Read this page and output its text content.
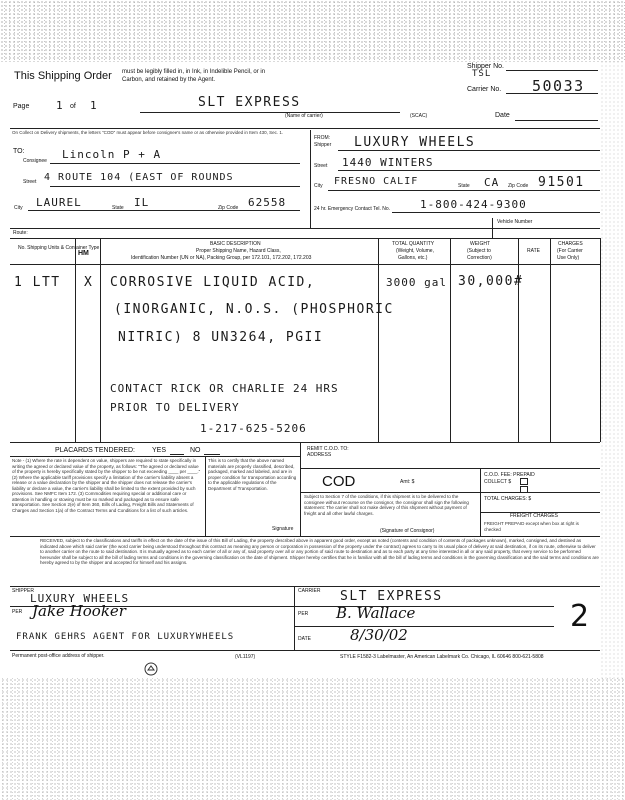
This Shipping Order must be legibly filled in, in Ink, in Indelible Pencil, or in
Carbon, and retained by the Agent.
Shipper No.
TSL
Carrier No. 50033
Page 1 of 1	SLT EXPRESS
(Name of carrier)	(SCAC)	Date
On Collect on Delivery shipments, the letters "COD" must appear before consignee's name or as otherwise provided in Item 430, Sec. 1.
TO:
Consignee Lincoln P + A
Street 4 ROUTE 104 (EAST OF ROUNDS
City LAUREL	State IL	Zip Code 62558
FROM:
Shipper LUXURY WHEELS
Street 1440 WINTERS
City FRESNO CALIF	State CA Zip Code 91501
24 hr. Emergency Contact Tel. No.	1-800-424-9300
Route:
Vehicle Number
No. Shipping Units & Container Type
HM
BASIC DESCRIPTION
Proper Shipping Name, Hazard Class,
Identification Number (UN or NA), Packing Group, per 172.101, 172.202, 172.203
TOTAL QUANTITY
(Weight, Volume,
Gallons, etc.)
WEIGHT
(Subject to
Correction)
RATE
CHARGES
(For Carrier
Use Only)
1 LTT X CORROSIVE LIQUID ACID,
(INORGANIC, N.O.S. (PHOSPHORIC
NITRIC) 8 UN3264, PGII
3000 gal 30,000#
CONTACT RICK OR CHARLIE 24 HRS
PRIOR TO DELIVERY
1-217-625-5206
PLACARDS TENDERED: YES	NO
Note - (1) Where the rate is dependent on value, shippers are required to state specifically in writing the agreed or declared value of the property, as follows: "The agreed or declared value of the property is hereby specifically stated by the shipper to be not exceeding ____ per ____." (2) Where the applicable tariff provisions specify a limitation of the carrier's liability absent a release or a value declaration by the shipper and the shipper does not release the carrier's liability or declare a value, the carrier's liability shall be limited to the extent provided by such provisions. See NMFC Item 172. (3) Commodities requiring special or additional care or attention in handling or stowing must be so marked and packaged as to ensure safe transportation. See Section 2(e) of Item 360, Bills of Lading, Freight Bills and Statements of Charges and Section 1(a) of the Contract Terms and Conditions for a list of such articles.
This is to certify that the above named materials are properly classified, described, packaged, marked and labeled, and are in proper condition for transportation according to the applicable regulations of the Department of Transportation.
Signature
REMIT C.O.D. TO: ADDRESS
COD	Amt: $
C.O.D. FEE: PREPAID COLLECT $
Subject to Section 7 of the conditions, if this shipment is to be delivered to the consignee without recourse on the consignor, the consignor shall sign the following statement: The carrier shall not make delivery of this shipment without payment of freight and all other lawful charges.
TOTAL CHARGES: $
FREIGHT CHARGES
FREIGHT PREPAID except when box at right is checked
(Signature of Consignor)
RECEIVED, subject to the classifications and tariffs in effect on the date of the issue of this Bill of Lading, the property described above in apparent good order, except as noted (contents and condition of contents of packages unknown), marked, consigned, and destined as indicated above which said carrier (the word carrier being understood throughout this contract as meaning any person or corporation in possession of the property under the contract) agrees to carry to its usual place of delivery at said destination, if on its route, otherwise to deliver to another carrier on the route to said destination. It is mutually agreed as to each carrier of all or any of, said property over all or any portion of said route to destination and as to each party at any time interested in all or any said property, that every service to be performed hereunder shall be subject to all the bill of lading terms and conditions in the governing classification on the date of shipment. Shipper hereby certifies that he is familiar with all the bill of lading terms and conditions in the governing classification and the said terms and conditions are hereby agreed to by the shipper and accepted for himself and his assigns.
SHIPPER
LUXURY WHEELS
PER Jake Hooker
FRANK GEHRS AGENT FOR LUXURYWHEELS
CARRIER SLT EXPRESS
PER B. Wallace
DATE	8/30/02
2
Permanent post-office address of shipper.	(VL1197)	STYLE F1582-3 Labelmaster, An American Labelmark Co. Chicago, IL 60646 800-621-5808
